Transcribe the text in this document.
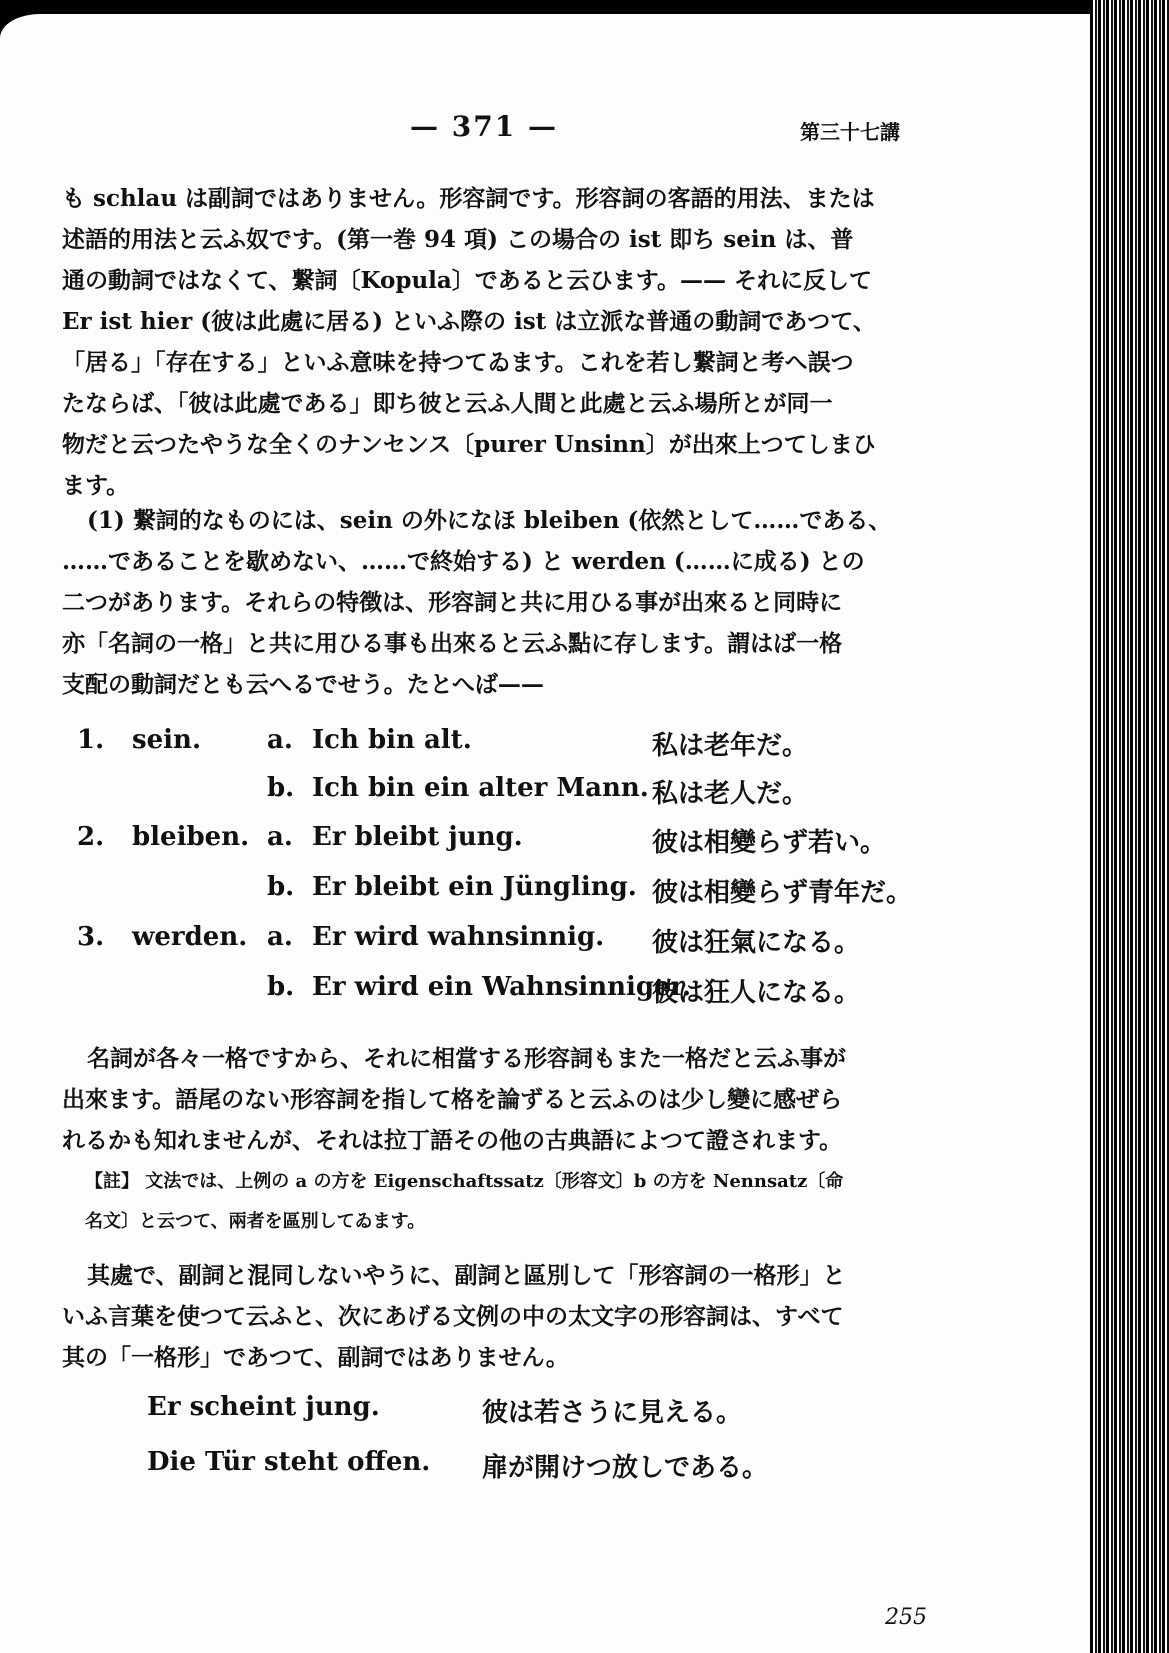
— 371 —	第三十七講
も schlau は副詞ではありません。形容詞です。形容詞の客語的用法、または
述語的用法と云ふ奴です。(第一巻 94 項) この場合の ist 即ち sein は、普
通の動詞ではなくて、繋詞〔Kopula〕であると云ひます。—— それに反して
Er ist hier (彼は此處に居る) といふ際の ist は立派な普通の動詞であつて、
「居る」「存在する」といふ意味を持つてゐます。これを若し繋詞と考へ誤つ
たならば、「彼は此處である」即ち彼と云ふ人間と此處と云ふ場所とが同一
物だと云つたやうな全くのナンセンス〔purer Unsinn〕が出來上つてしまひ
ます。
(1) 繋詞的なものには、sein の外になほ bleiben (依然として……である、
……であることを歇めない、……で終始する) と werden (……に成る) との
二つがあります。それらの特徴は、形容詞と共に用ひる事が出來ると同時に
亦「名詞の一格」と共に用ひる事も出來ると云ふ點に存します。謂はば一格
支配の動詞だとも云へるでせう。たとへば——
1. sein.	a. Ich bin alt.	私は老年だ。
b. Ich bin ein alter Mann. 私は老人だ。
2. bleiben. a. Er bleibt jung.	彼は相變らず若い。
b. Er bleibt ein Jüngling. 彼は相變らず青年だ。
3. werden. a. Er wird wahnsinnig. 彼は狂氣になる。
b. Er wird ein Wahnsinniger.
彼は狂人になる。
名詞が各々一格ですから、それに相當する形容詞もまた一格だと云ふ事が
出來ます。語尾のない形容詞を指して格を論ずると云ふのは少し變に感ぜら
れるかも知れませんが、それは拉丁語その他の古典語によつて證されます。
【註】 文法では、上例の a の方を Eigenschaftssatz〔形容文〕b の方を Nennsatz〔命
名文〕と云つて、兩者を區別してゐます。
其處で、副詞と混同しないやうに、副詞と區別して「形容詞の一格形」と
いふ言葉を使つて云ふと、次にあげる文例の中の太文字の形容詞は、すべて
其の「一格形」であつて、副詞ではありません。
Er scheint jung.	彼は若さうに見える。
Die Tür steht offen. 扉が開けつ放しである。
255
